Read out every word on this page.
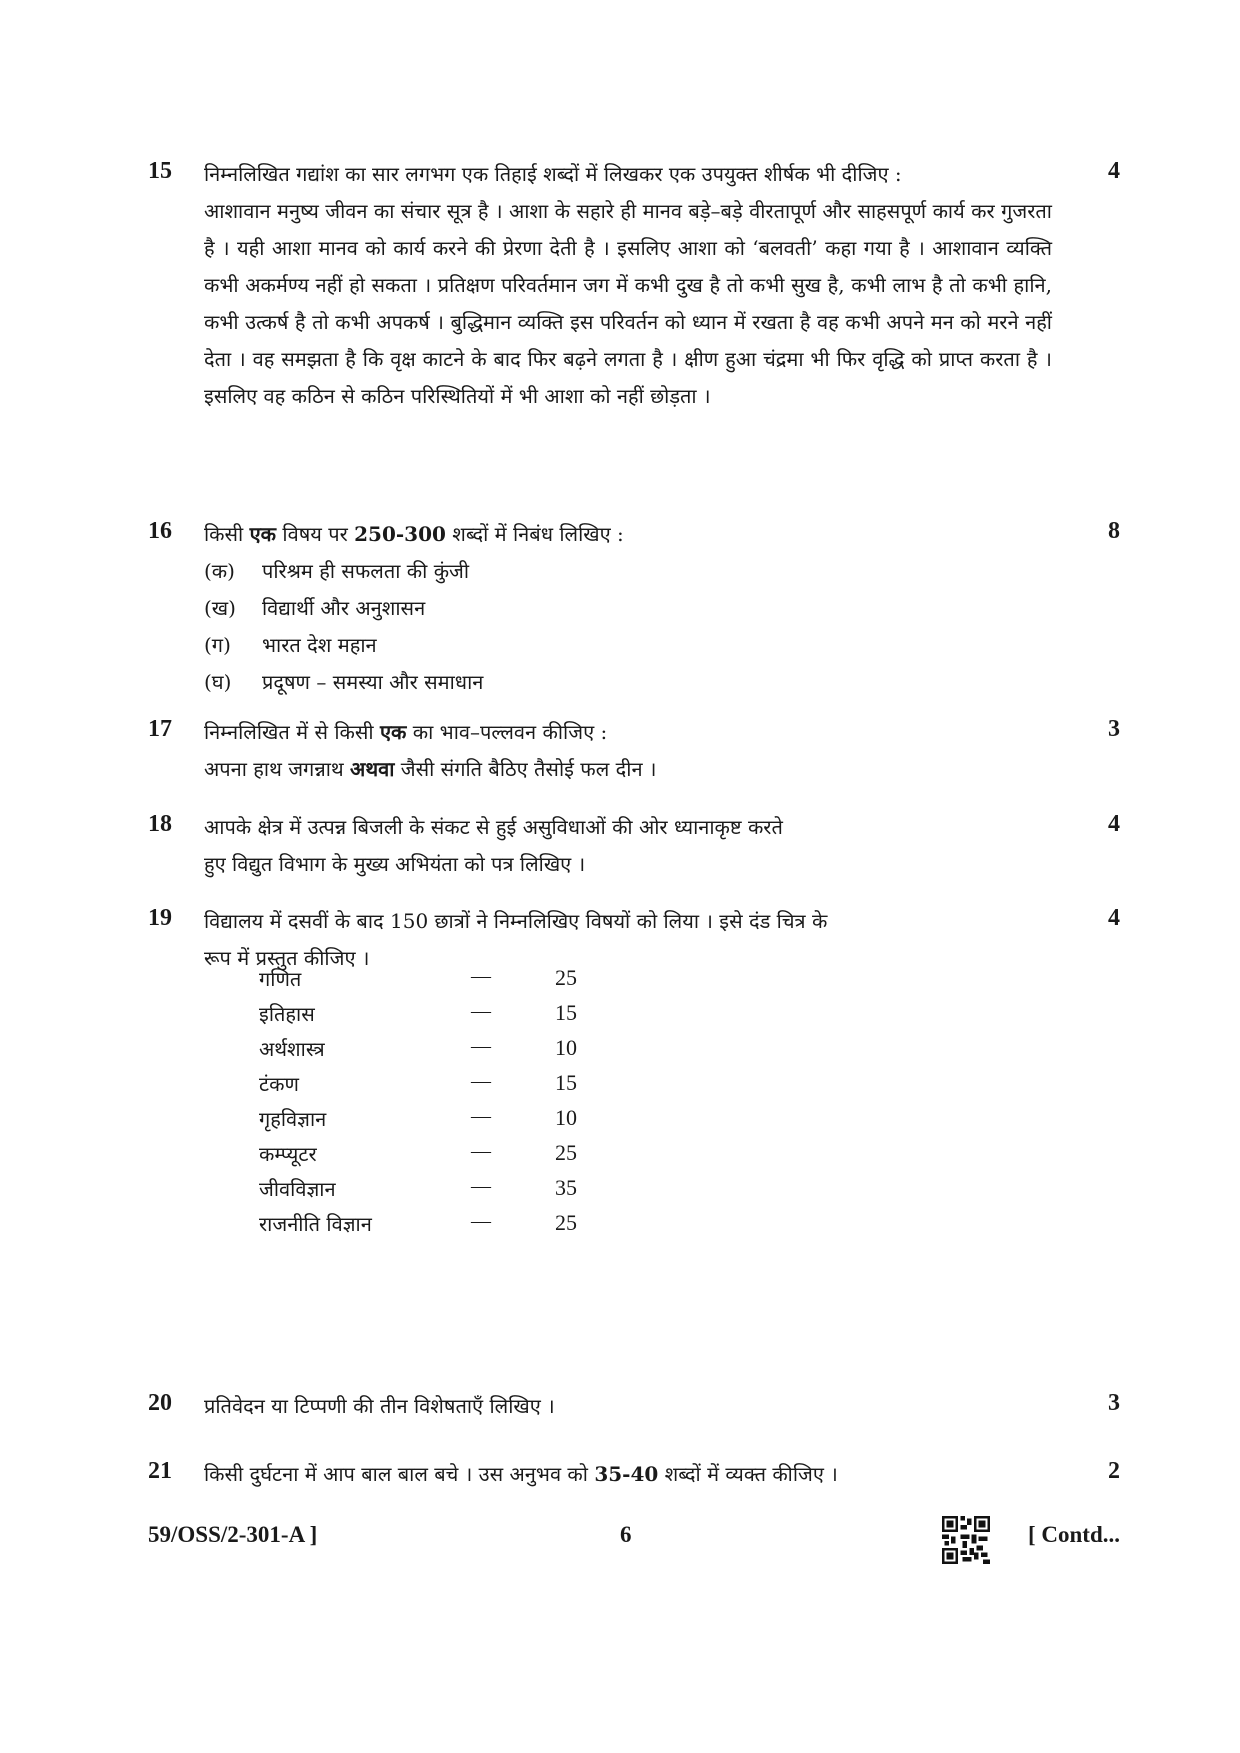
15 निम्नलिखित गद्यांश का सार लगभग एक तिहाई शब्दों में लिखकर एक उपयुक्त शीर्षक भी दीजिए :
आशावान मनुष्य जीवन का संचार सूत्र है । आशा के सहारे ही मानव बड़े–बड़े वीरतापूर्ण और साहसपूर्ण कार्य कर गुजरता है । यही आशा मानव को कार्य करने की प्रेरणा देती है । इसलिए आशा को ‘बलवती’ कहा गया है । आशावान व्यक्ति कभी अकर्मण्य नहीं हो सकता । प्रतिक्षण परिवर्तमान जग में कभी दुख है तो कभी सुख है, कभी लाभ है तो कभी हानि, कभी उत्कर्ष है तो कभी अपकर्ष । बुद्धिमान व्यक्ति इस परिवर्तन को ध्यान में रखता है वह कभी अपने मन को मरने नहीं देता । वह समझता है कि वृक्ष काटने के बाद फिर बढ़ने लगता है । क्षीण हुआ चंद्रमा भी फिर वृद्धि को प्राप्त करता है । इसलिए वह कठिन से कठिन परिस्थितियों में भी आशा को नहीं छोड़ता ।
4
16 किसी एक विषय पर 250-300 शब्दों में निबंध लिखिए :
(क) परिश्रम ही सफलता की कुंजी
(ख) विद्यार्थी और अनुशासन
(ग) भारत देश महान
(घ) प्रदूषण – समस्या और समाधान
8
17 निम्नलिखित में से किसी एक का भाव–पल्लवन कीजिए :
अपना हाथ जगन्नाथ अथवा जैसी संगति बैठिए तैसोई फल दीन ।
3
18 आपके क्षेत्र में उत्पन्न बिजली के संकट से हुई असुविधाओं की ओर ध्यानाकृष्ट करते
हुए विद्युत विभाग के मुख्य अभियंता को पत्र लिखिए ।
4
19 विद्यालय में दसवीं के बाद 150 छात्रों ने निम्नलिखिए विषयों को लिया । इसे दंड चित्र के
रूप में प्रस्तुत कीजिए ।
4
गणित	—	25
इतिहास	—	15
अर्थशास्त्र	—	10
टंकण	—	15
गृहविज्ञान	—	10
कम्प्यूटर	—	25
जीवविज्ञान	—	35
राजनीति विज्ञान	—	25
20 प्रतिवेदन या टिप्पणी की तीन विशेषताएँ लिखिए ।	3
21 किसी दुर्घटना में आप बाल बाल बचे । उस अनुभव को 35-40 शब्दों में व्यक्त कीजिए ।	2
59/OSS/2-301-A ]	6	[ Contd...
